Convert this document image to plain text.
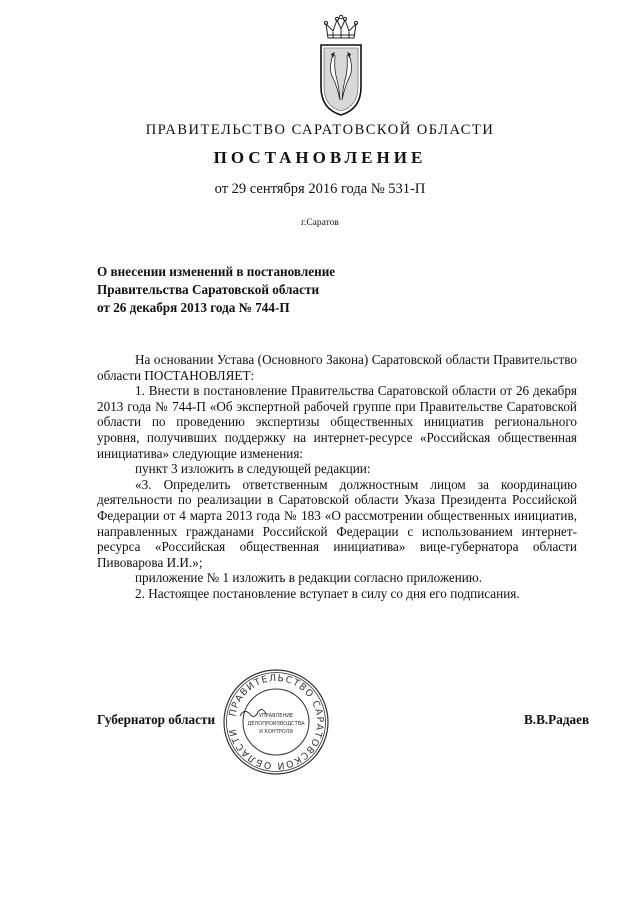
ПРАВИТЕЛЬСТВО САРАТОВСКОЙ ОБЛАСТИ
ПОСТАНОВЛЕНИЕ
от 29 сентября 2016 года № 531-П
г.Саратов
О внесении изменений в постановление
Правительства Саратовской области
от 26 декабря 2013 года № 744-П

На основании Устава (Основного Закона) Саратовской области Правительство области ПОСТАНОВЛЯЕТ:

1. Внести в постановление Правительства Саратовской области от 26 декабря 2013 года № 744-П «Об экспертной рабочей группе при Правительстве Саратовской области по проведению экспертизы общественных инициатив регионального уровня, получивших поддержку на интернет-ресурсе «Российская общественная инициатива» следующие изменения:

пункт 3 изложить в следующей редакции:

«3. Определить ответственным должностным лицом за координацию деятельности по реализации в Саратовской области Указа Президента Российской Федерации от 4 марта 2013 года № 183 «О рассмотрении общественных инициатив, направленных гражданами Российской Федерации с использованием интернет-ресурса «Российская общественная инициатива» вице-губернатора области Пивоварова И.И.»;

приложение № 1 изложить в редакции согласно приложению.

2. Настоящее постановление вступает в силу со дня его подписания.

Губернатор области	В.В.Радаев
ПРАВИТЕЛЬСТВО САРАТОВСКОЙ ОБЛАСТИ
УПРАВЛЕНИЕ
ДЕЛОПРОИЗВОДСТВА
И КОНТРОЛЯ
